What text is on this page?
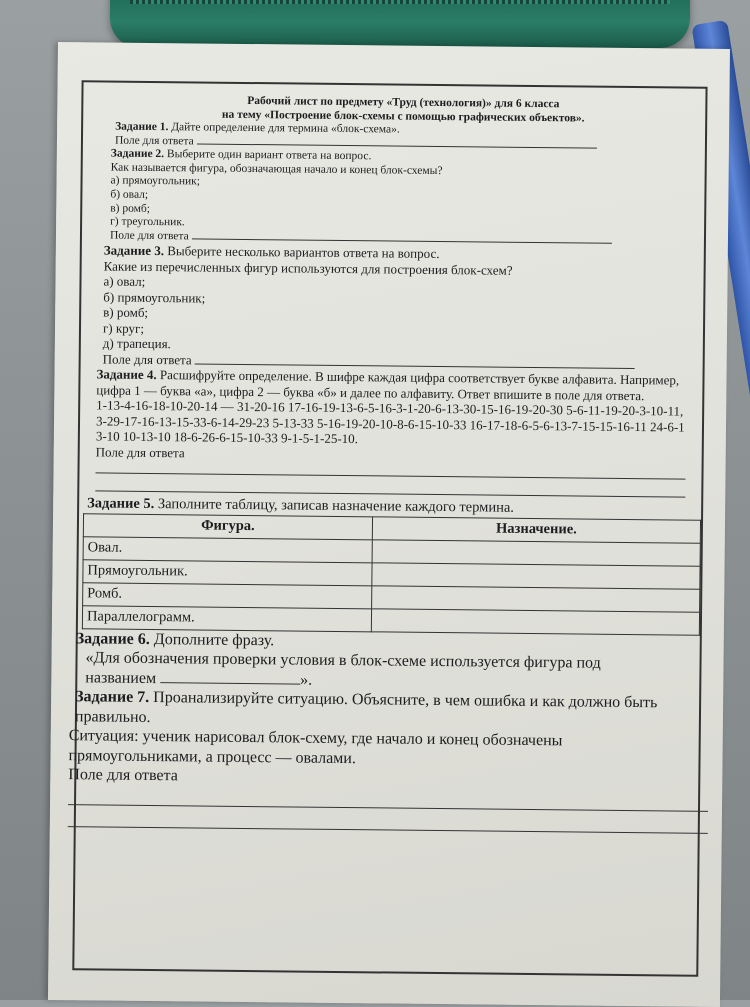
Рабочий лист по предмету «Труд (технология)» для 6 класса
на тему «Построение блок-схемы с помощью графических объектов».
Задание 1. Дайте определение для термина «блок-схема».
Поле для ответа
Задание 2. Выберите один вариант ответа на вопрос.
Как называется фигура, обозначающая начало и конец блок-схемы?
а) прямоугольник;
б) овал;
в) ромб;
г) треугольник.
Поле для ответа
Задание 3. Выберите несколько вариантов ответа на вопрос.
Какие из перечисленных фигур используются для построения блок-схем?
а) овал;
б) прямоугольник;
в) ромб;
г) круг;
д) трапеция.
Поле для ответа
Задание 4. Расшифруйте определение. В шифре каждая цифра соответствует букве алфавита. Например, цифра 1 — буква «а», цифра 2 — буква «б» и далее по алфавиту. Ответ впишите в поле для ответа.
1-13-4-16-18-10-20-14 — 31-20-16 17-16-19-13-6-5-16-3-1-20-6-13-30-15-16-19-20-30 5-6-11-19-20-3-10-11, 3-29-17-16-13-15-33-6-14-29-23 5-13-33 5-16-19-20-10-8-6-15-10-33 16-17-18-6-5-6-13-7-15-15-16-11 24-6-13-10 10-13-10 18-6-26-6-15-10-33 9-1-5-1-25-10.
Поле для ответа
Задание 5. Заполните таблицу, записав назначение каждого термина.
Фигура.	Назначение.
Овал.	
Прямоугольник.	
Ромб.	
Параллелограмм.	
Задание 6. Дополните фразу.
«Для обозначения проверки условия в блок-схеме используется фигура под названием	».
Задание 7. Проанализируйте ситуацию. Объясните, в чем ошибка и как должно быть правильно.
Ситуация: ученик нарисовал блок-схему, где начало и конец обозначены прямоугольниками, а процесс — овалами.
Поле для ответа
